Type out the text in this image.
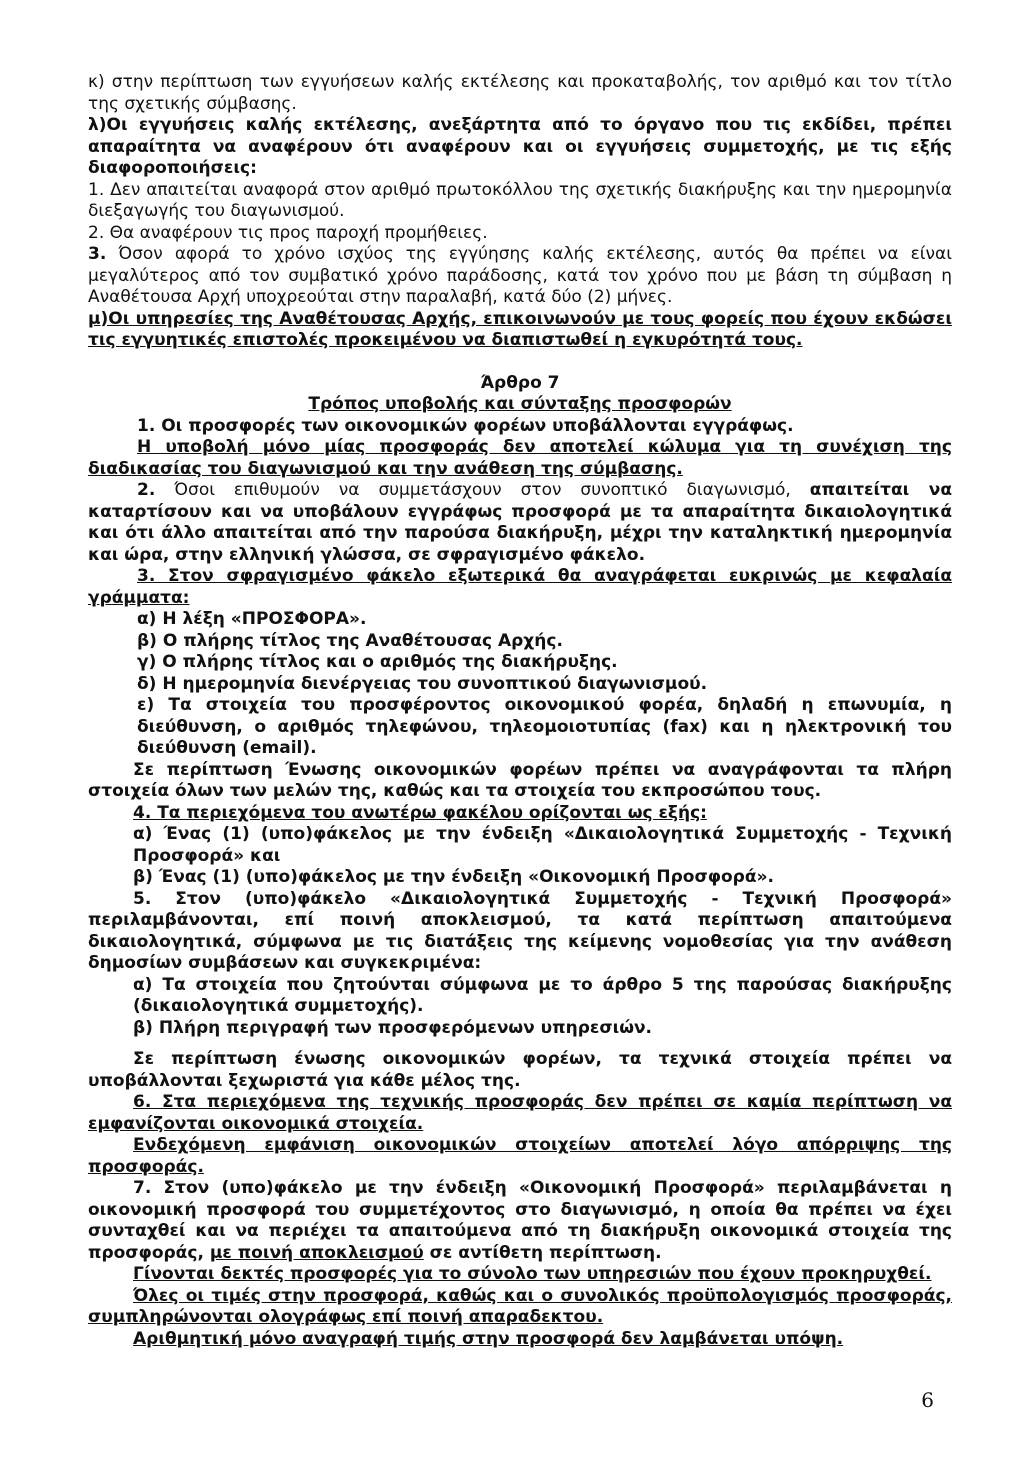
κ) στην περίπτωση των εγγυήσεων καλής εκτέλεσης και προκαταβολής, τον αριθμό και τον τίτλο της σχετικής σύμβασης.

λ)Οι εγγυήσεις καλής εκτέλεσης, ανεξάρτητα από το όργανο που τις εκδίδει, πρέπει απαραίτητα να αναφέρουν ότι αναφέρουν και οι εγγυήσεις συμμετοχής, με τις εξής διαφοροποιήσεις:

1. Δεν απαιτείται αναφορά στον αριθμό πρωτοκόλλου της σχετικής διακήρυξης και την ημερομηνία διεξαγωγής του διαγωνισμού.

2. Θα αναφέρουν τις προς παροχή προμήθειες.

3. Όσον αφορά το χρόνο ισχύος της εγγύησης καλής εκτέλεσης, αυτός θα πρέπει να είναι μεγαλύτερος από τον συμβατικό χρόνο παράδοσης, κατά τον χρόνο που με βάση τη σύμβαση η Αναθέτουσα Αρχή υποχρεούται στην παραλαβή, κατά δύο (2) μήνες.

μ)Οι υπηρεσίες της Αναθέτουσας Αρχής, επικοινωνούν με τους φορείς που έχουν εκδώσει τις εγγυητικές επιστολές προκειμένου να διαπιστωθεί η εγκυρότητά τους.

Άρθρο 7

Τρόπος υποβολής και σύνταξης προσφορών

1. Οι προσφορές των οικονομικών φορέων υποβάλλονται εγγράφως.

Η υποβολή μόνο μίας προσφοράς δεν αποτελεί κώλυμα για τη συνέχιση της διαδικασίας του διαγωνισμού και την ανάθεση της σύμβασης.

2. Όσοι επιθυμούν να συμμετάσχουν στον συνοπτικό διαγωνισμό, απαιτείται να καταρτίσουν και να υποβάλουν εγγράφως προσφορά με τα απαραίτητα δικαιολογητικά και ότι άλλο απαιτείται από την παρούσα διακήρυξη, μέχρι την καταληκτική ημερομηνία και ώρα, στην ελληνική γλώσσα, σε σφραγισμένο φάκελο.

3. Στον σφραγισμένο φάκελο εξωτερικά θα αναγράφεται ευκρινώς με κεφαλαία γράμματα:

α) Η λέξη «ΠΡΟΣΦΟΡΑ».

β) Ο πλήρης τίτλος της Αναθέτουσας Αρχής.

γ) Ο πλήρης τίτλος και ο αριθμός της διακήρυξης.

δ) Η ημερομηνία διενέργειας του συνοπτικού διαγωνισμού.

ε) Τα στοιχεία του προσφέροντος οικονομικού φορέα, δηλαδή η επωνυμία, η διεύθυνση, ο αριθμός τηλεφώνου, τηλεομοιοτυπίας (fax) και η ηλεκτρονική του διεύθυνση (email).

Σε περίπτωση Ένωσης οικονομικών φορέων πρέπει να αναγράφονται τα πλήρη στοιχεία όλων των μελών της, καθώς και τα στοιχεία του εκπροσώπου τους.

4. Τα περιεχόμενα του ανωτέρω φακέλου ορίζονται ως εξής:

α) Ένας (1) (υπο)φάκελος με την ένδειξη «Δικαιολογητικά Συμμετοχής - Τεχνική Προσφορά» και

β) Ένας (1) (υπο)φάκελος με την ένδειξη «Οικονομική Προσφορά».

5. Στον (υπο)φάκελο «Δικαιολογητικά Συμμετοχής - Τεχνική Προσφορά» περιλαμβάνονται, επί ποινή αποκλεισμού, τα κατά περίπτωση απαιτούμενα δικαιολογητικά, σύμφωνα με τις διατάξεις της κείμενης νομοθεσίας για την ανάθεση δημοσίων συμβάσεων και συγκεκριμένα:

α) Τα στοιχεία που ζητούνται σύμφωνα με το άρθρο 5 της παρούσας διακήρυξης (δικαιολογητικά συμμετοχής).

β) Πλήρη περιγραφή των προσφερόμενων υπηρεσιών.

Σε περίπτωση ένωσης οικονομικών φορέων, τα τεχνικά στοιχεία πρέπει να υποβάλλονται ξεχωριστά για κάθε μέλος της.

6. Στα περιεχόμενα της τεχνικής προσφοράς δεν πρέπει σε καμία περίπτωση να εμφανίζονται οικονομικά στοιχεία.

Ενδεχόμενη εμφάνιση οικονομικών στοιχείων αποτελεί λόγο απόρριψης της προσφοράς.

7. Στον (υπο)φάκελο με την ένδειξη «Οικονομική Προσφορά» περιλαμβάνεται η οικονομική προσφορά του συμμετέχοντος στο διαγωνισμό, η οποία θα πρέπει να έχει συνταχθεί και να περιέχει τα απαιτούμενα από τη διακήρυξη οικονομικά στοιχεία της προσφοράς, με ποινή αποκλεισμού σε αντίθετη περίπτωση.

Γίνονται δεκτές προσφορές για το σύνολο των υπηρεσιών που έχουν προκηρυχθεί.

Όλες οι τιμές στην προσφορά, καθώς και ο συνολικός προϋπολογισμός προσφοράς, συμπληρώνονται ολογράφως επί ποινή απαραδεκτου.

Αριθμητική μόνο αναγραφή τιμής στην προσφορά δεν λαμβάνεται υπόψη.

6
